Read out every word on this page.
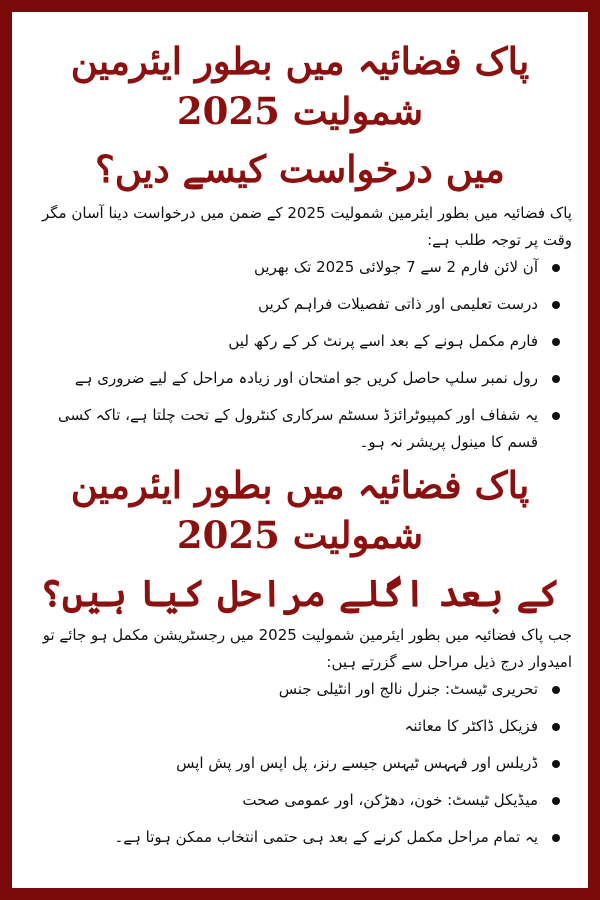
پاک فضائیہ میں بطور ایئرمین شمولیت 2025

میں درخواست کیسے دیں؟

پاک فضائیہ میں بطور ایئرمین شمولیت 2025 کے ضمن میں درخواست دینا آسان مگر وقت پر توجہ طلب ہے:

آن لائن فارم 2 سے 7 جولائی 2025 تک بھریں
درست تعلیمی اور ذاتی تفصیلات فراہم کریں
فارم مکمل ہونے کے بعد اسے پرنٹ کر کے رکھ لیں
رول نمبر سلپ حاصل کریں جو امتحان اور زیادہ مراحل کے لیے ضروری ہے
یہ شفاف اور کمپیوٹرائزڈ سسٹم سرکاری کنٹرول کے تحت چلتا ہے، تاکہ کسی قسم کا مینول پریشر نہ ہو۔

پاک فضائیہ میں بطور ایئرمین شمولیت 2025

کے بعد اگلے مراحل کیا ہیں؟

جب پاک فضائیہ میں بطور ایئرمین شمولیت 2025 میں رجسٹریشن مکمل ہو جائے تو امیدوار درج ذیل مراحل سے گزرتے ہیں:

تحریری ٹیسٹ: جنرل نالج اور انٹیلی جنس
فزیکل ڈاکٹر کا معائنہ
ڈریلس اور فہہس ٹیہس جیسے رنز، پل اپس اور پش اپس
میڈیکل ٹیسٹ: خون، دھڑکن، اور عمومی صحت
یہ تمام مراحل مکمل کرنے کے بعد ہی حتمی انتخاب ممکن ہوتا ہے۔
